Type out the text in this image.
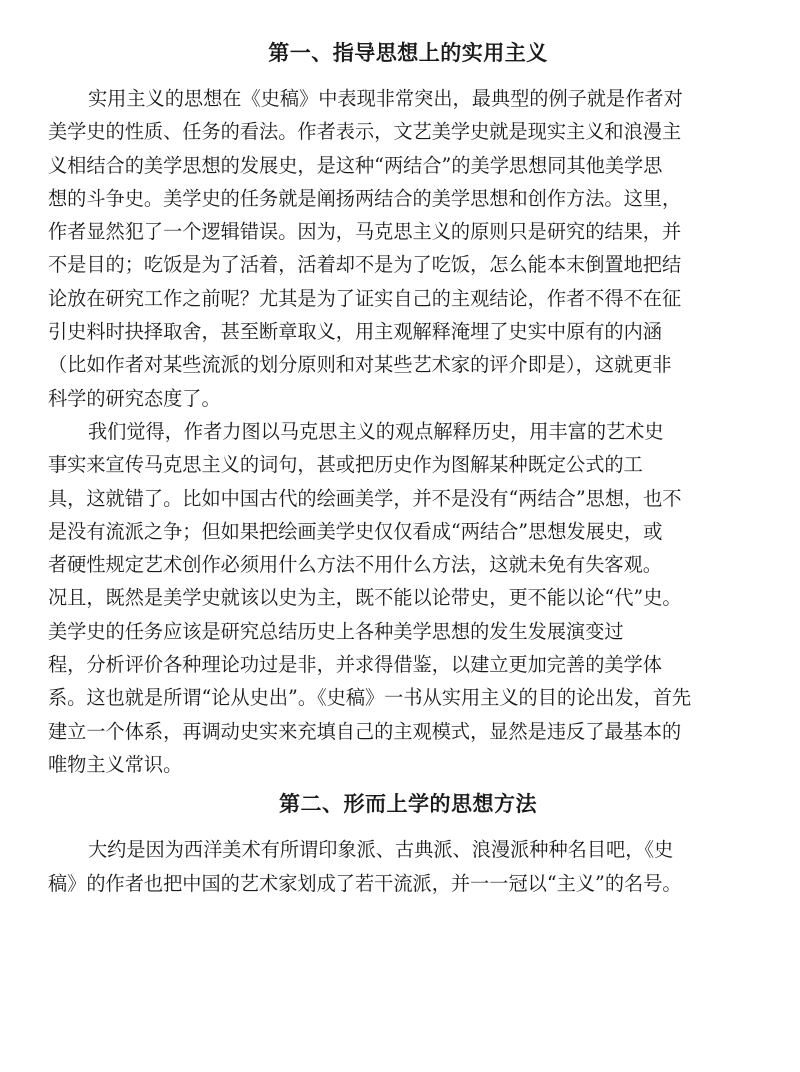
第一、指导思想上的实用主义
实用主义的思想在《史稿》中表现非常突出，最典型的例子就是作者对
美学史的性质、任务的看法。作者表示，文艺美学史就是现实主义和浪漫主
义相结合的美学思想的发展史，是这种“两结合”的美学思想同其他美学思
想的斗争史。美学史的任务就是阐扬两结合的美学思想和创作方法。这里，
作者显然犯了一个逻辑错误。因为，马克思主义的原则只是研究的结果，并
不是目的；吃饭是为了活着，活着却不是为了吃饭，怎么能本末倒置地把结
论放在研究工作之前呢？尤其是为了证实自己的主观结论，作者不得不在征
引史料时抉择取舍，甚至断章取义，用主观解释淹埋了史实中原有的内涵
（比如作者对某些流派的划分原则和对某些艺术家的评介即是），这就更非
科学的研究态度了。
我们觉得，作者力图以马克思主义的观点解释历史，用丰富的艺术史
事实来宣传马克思主义的词句，甚或把历史作为图解某种既定公式的工
具，这就错了。比如中国古代的绘画美学，并不是没有“两结合”思想，也不
是没有流派之争；但如果把绘画美学史仅仅看成“两结合”思想发展史，或
者硬性规定艺术创作必须用什么方法不用什么方法，这就未免有失客观。
况且，既然是美学史就该以史为主，既不能以论带史，更不能以论“代”史。
美学史的任务应该是研究总结历史上各种美学思想的发生发展演变过
程，分析评价各种理论功过是非，并求得借鉴，以建立更加完善的美学体
系。这也就是所谓“论从史出”。《史稿》一书从实用主义的目的论出发，首先
建立一个体系，再调动史实来充填自己的主观模式，显然是违反了最基本的
唯物主义常识。
第二、形而上学的思想方法
大约是因为西洋美术有所谓印象派、古典派、浪漫派种种名目吧，《史
稿》的作者也把中国的艺术家划成了若干流派，并一一冠以“主义”的名号。
